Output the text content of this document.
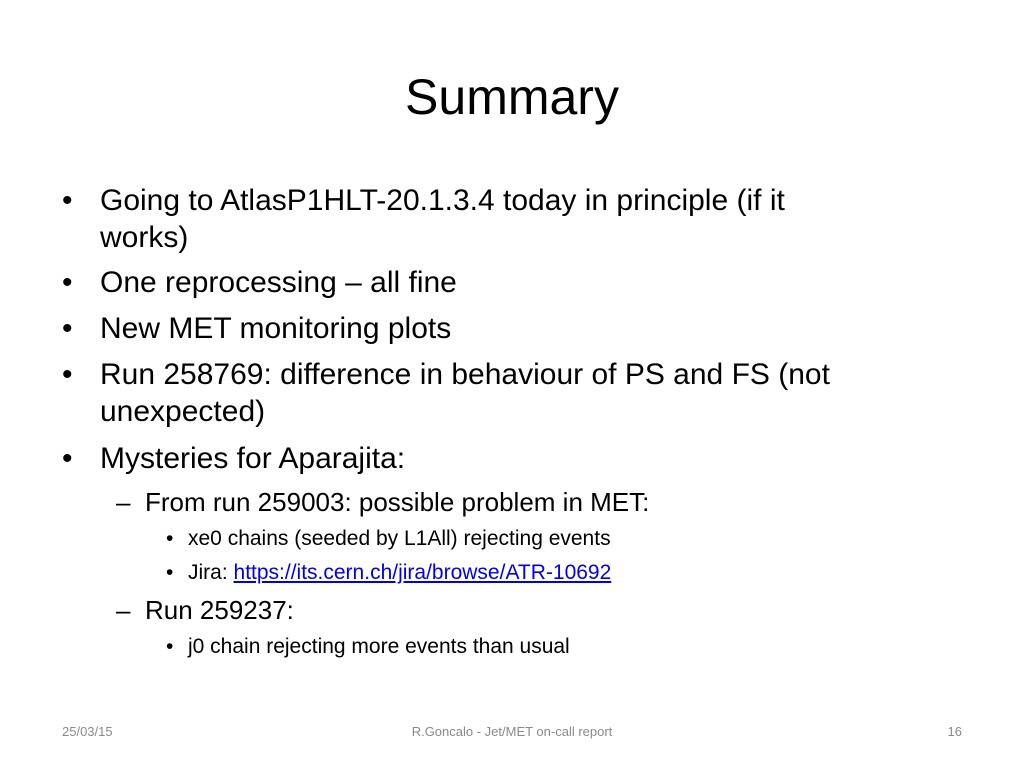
Summary
• Going to AtlasP1HLT-20.1.3.4 today in principle (if it
works)
• One reprocessing – all fine
• New MET monitoring plots
• Run 258769: difference in behaviour of PS and FS (not
unexpected)
• Mysteries for Aparajita:
– From run 259003: possible problem in MET:
• xe0 chains (seeded by L1All) rejecting events
• Jira: https://its.cern.ch/jira/browse/ATR-10692
– Run 259237:
• j0 chain rejecting more events than usual
25/03/15	R.Goncalo - Jet/MET on-call report	16
